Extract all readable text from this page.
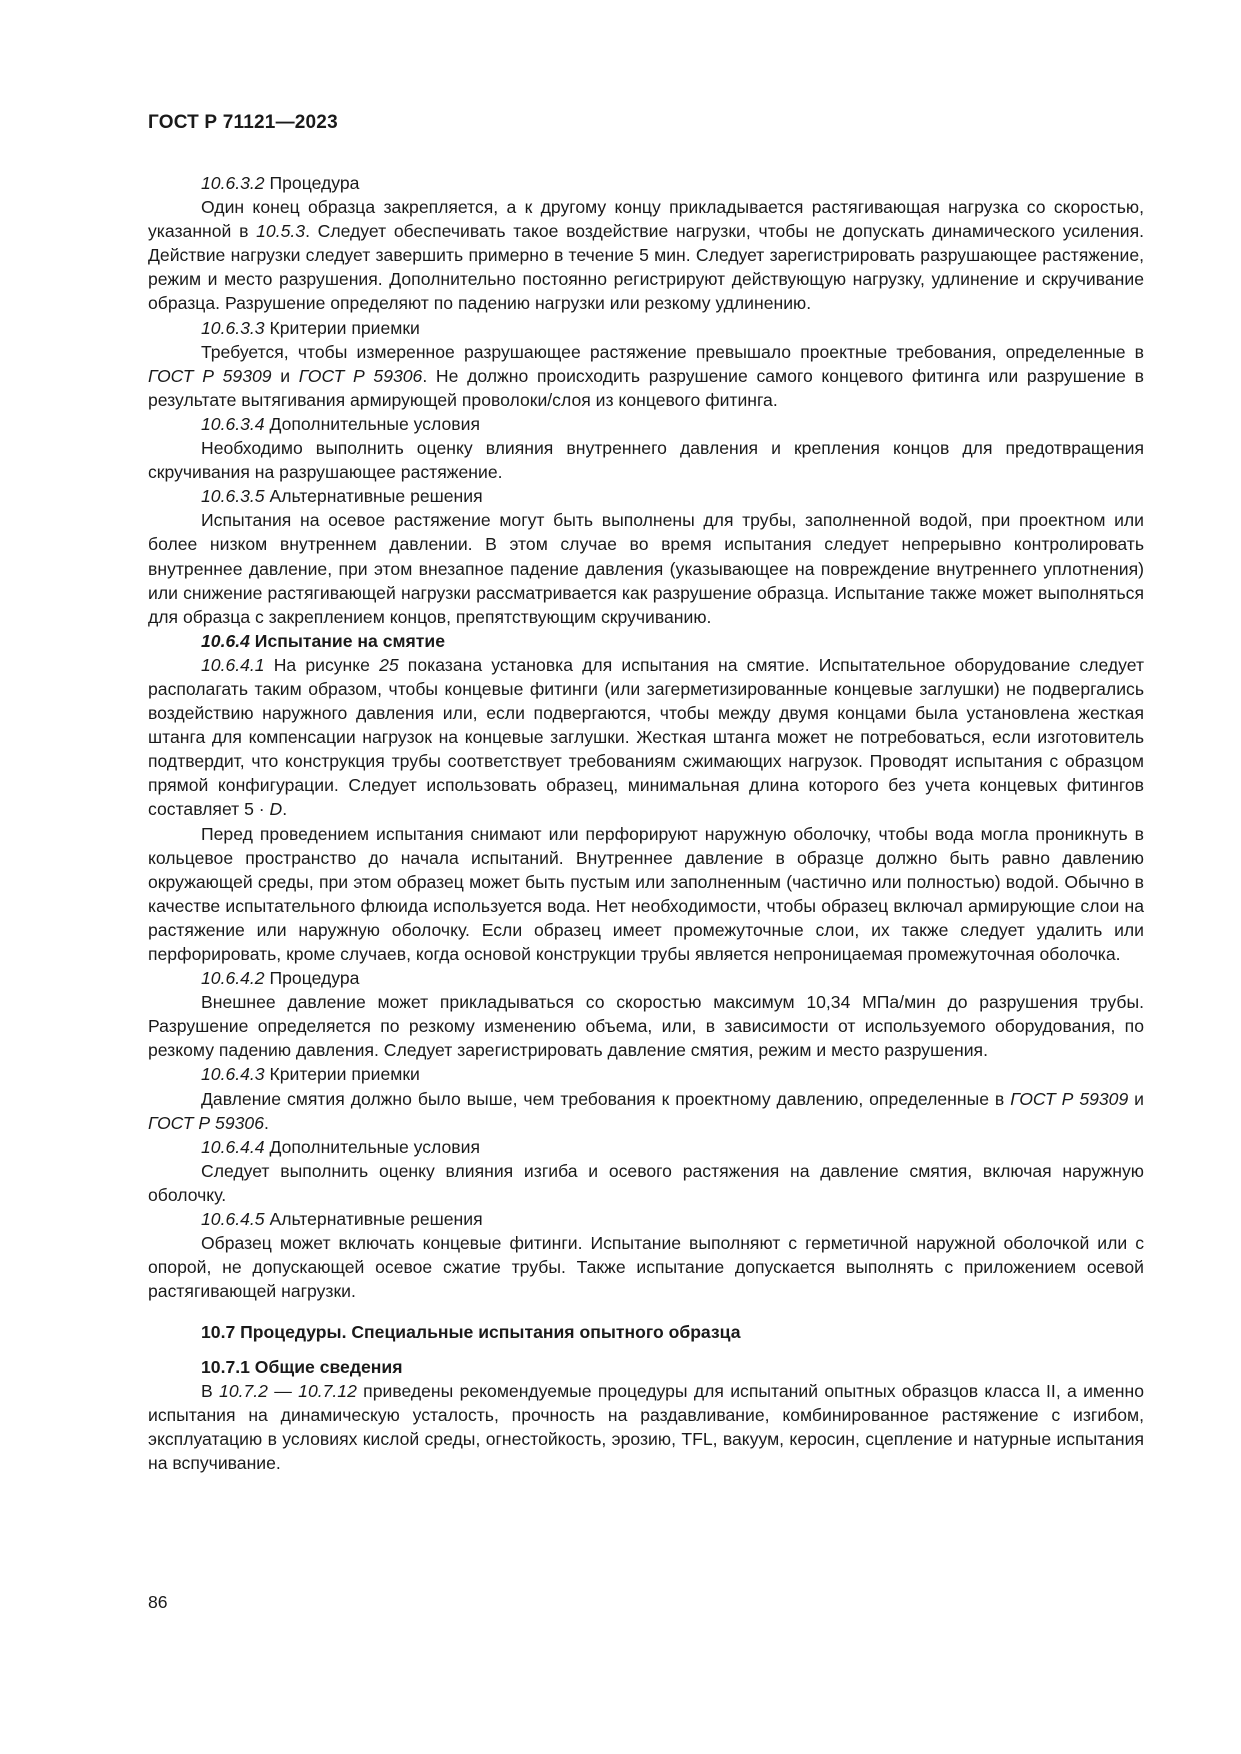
ГОСТ Р 71121—2023

10.6.3.2 Процедура

Один конец образца закрепляется, а к другому концу прикладывается растягивающая нагрузка со скоростью, указанной в 10.5.3. Следует обеспечивать такое воздействие нагрузки, чтобы не допускать динамического усиления. Действие нагрузки следует завершить примерно в течение 5 мин. Следует зарегистрировать разрушающее растяжение, режим и место разрушения. Дополнительно постоянно регистрируют действующую нагрузку, удлинение и скручивание образца. Разрушение определяют по падению нагрузки или резкому удлинению.

10.6.3.3 Критерии приемки

Требуется, чтобы измеренное разрушающее растяжение превышало проектные требования, определенные в ГОСТ Р 59309 и ГОСТ Р 59306. Не должно происходить разрушение самого концевого фитинга или разрушение в результате вытягивания армирующей проволоки/слоя из концевого фитинга.

10.6.3.4 Дополнительные условия

Необходимо выполнить оценку влияния внутреннего давления и крепления концов для предотвращения скручивания на разрушающее растяжение.

10.6.3.5 Альтернативные решения

Испытания на осевое растяжение могут быть выполнены для трубы, заполненной водой, при проектном или более низком внутреннем давлении. В этом случае во время испытания следует непрерывно контролировать внутреннее давление, при этом внезапное падение давления (указывающее на повреждение внутреннего уплотнения) или снижение растягивающей нагрузки рассматривается как разрушение образца. Испытание также может выполняться для образца с закреплением концов, препятствующим скручиванию.

10.6.4 Испытание на смятие

10.6.4.1 На рисунке 25 показана установка для испытания на смятие. Испытательное оборудование следует располагать таким образом, чтобы концевые фитинги (или загерметизированные концевые заглушки) не подвергались воздействию наружного давления или, если подвергаются, чтобы между двумя концами была установлена жесткая штанга для компенсации нагрузок на концевые заглушки. Жесткая штанга может не потребоваться, если изготовитель подтвердит, что конструкция трубы соответствует требованиям сжимающих нагрузок. Проводят испытания с образцом прямой конфигурации. Следует использовать образец, минимальная длина которого без учета концевых фитингов составляет 5 · D.

Перед проведением испытания снимают или перфорируют наружную оболочку, чтобы вода могла проникнуть в кольцевое пространство до начала испытаний. Внутреннее давление в образце должно быть равно давлению окружающей среды, при этом образец может быть пустым или заполненным (частично или полностью) водой. Обычно в качестве испытательного флюида используется вода. Нет необходимости, чтобы образец включал армирующие слои на растяжение или наружную оболочку. Если образец имеет промежуточные слои, их также следует удалить или перфорировать, кроме случаев, когда основой конструкции трубы является непроницаемая промежуточная оболочка.

10.6.4.2 Процедура

Внешнее давление может прикладываться со скоростью максимум 10,34 МПа/мин до разрушения трубы. Разрушение определяется по резкому изменению объема, или, в зависимости от используемого оборудования, по резкому падению давления. Следует зарегистрировать давление смятия, режим и место разрушения.

10.6.4.3 Критерии приемки

Давление смятия должно было выше, чем требования к проектному давлению, определенные в ГОСТ Р 59309 и ГОСТ Р 59306.

10.6.4.4 Дополнительные условия

Следует выполнить оценку влияния изгиба и осевого растяжения на давление смятия, включая наружную оболочку.

10.6.4.5 Альтернативные решения

Образец может включать концевые фитинги. Испытание выполняют с герметичной наружной оболочкой или с опорой, не допускающей осевое сжатие трубы. Также испытание допускается выполнять с приложением осевой растягивающей нагрузки.

10.7 Процедуры. Специальные испытания опытного образца

10.7.1 Общие сведения

В 10.7.2 — 10.7.12 приведены рекомендуемые процедуры для испытаний опытных образцов класса II, а именно испытания на динамическую усталость, прочность на раздавливание, комбинированное растяжение с изгибом, эксплуатацию в условиях кислой среды, огнестойкость, эрозию, TFL, вакуум, керосин, сцепление и натурные испытания на вспучивание.

86
